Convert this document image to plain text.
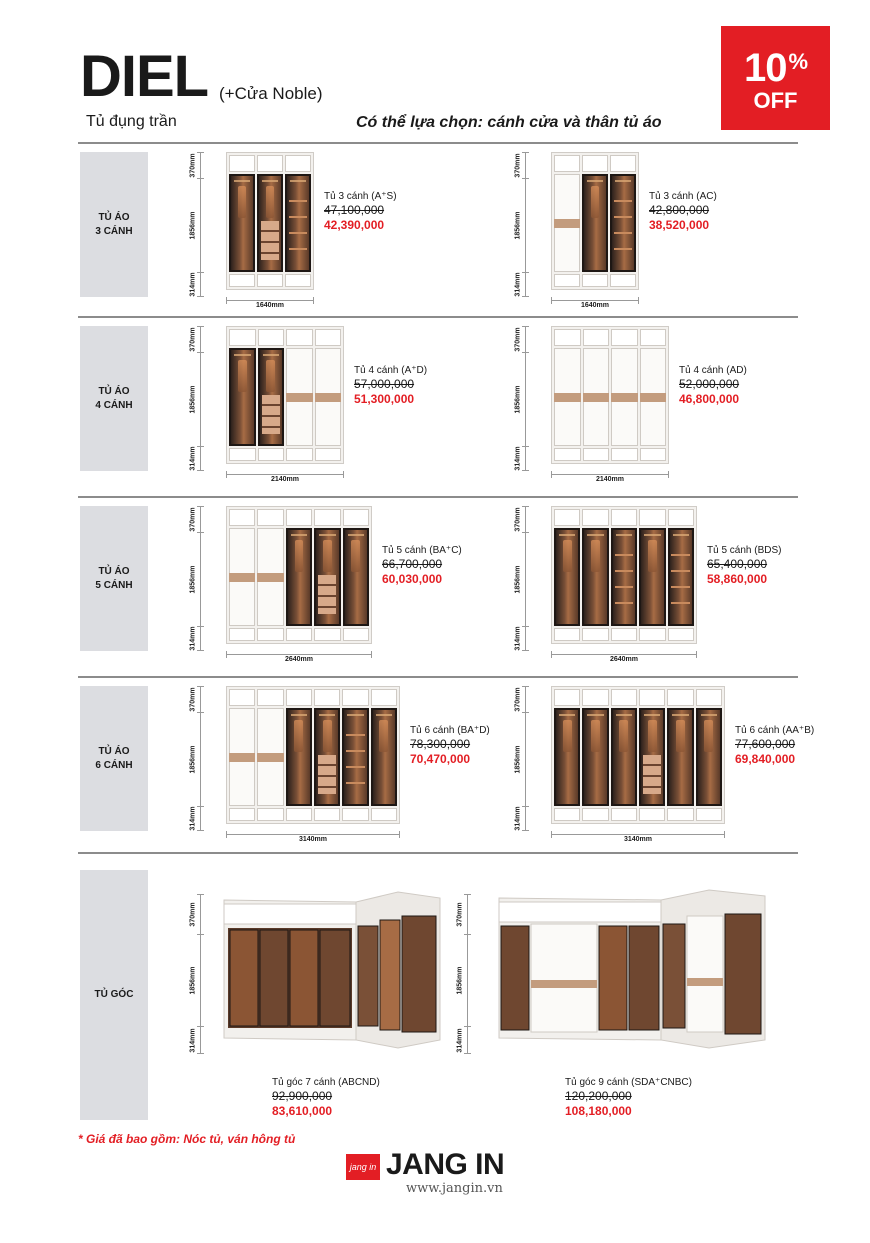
DIEL (+Cửa Noble)
Tủ đụng trần	Có thể lựa chọn: cánh cửa và thân tủ áo
10%
OFF
TỦ ÁO
3 CÁNH
370mm
1856mm
314mm
1640mm
Tủ 3 cánh (A⁺S)
47,100,000
42,390,000
370mm
1856mm
314mm
1640mm
Tủ 3 cánh (AC)
42,800,000
38,520,000
TỦ ÁO
4 CÁNH
370mm
1856mm
314mm
2140mm
Tủ 4 cánh (A⁺D)
57,000,000
51,300,000
370mm
1856mm
314mm
2140mm
Tủ 4 cánh (AD)
52,000,000
46,800,000
TỦ ÁO
5 CÁNH
370mm
1856mm
314mm
2640mm
Tủ 5 cánh (BA⁺C)
66,700,000
60,030,000
370mm
1856mm
314mm
2640mm
Tủ 5 cánh (BDS)
65,400,000
58,860,000
TỦ ÁO
6 CÁNH
370mm
1856mm
314mm
3140mm
Tủ 6 cánh (BA⁺D)
78,300,000
70,470,000
370mm
1856mm
314mm
3140mm
Tủ 6 cánh (AA⁺B)
77,600,000
69,840,000
TỦ GÓC
370mm
1856mm
314mm
Tủ góc 7 cánh (ABCND)
92,900,000
83,610,000
370mm
1856mm
314mm
Tủ góc 9 cánh (SDA⁺CNBC)
120,200,000
108,180,000
* Giá đã bao gồm: Nóc tủ, ván hông tủ
jang in JANG IN
www.jangin.vn
